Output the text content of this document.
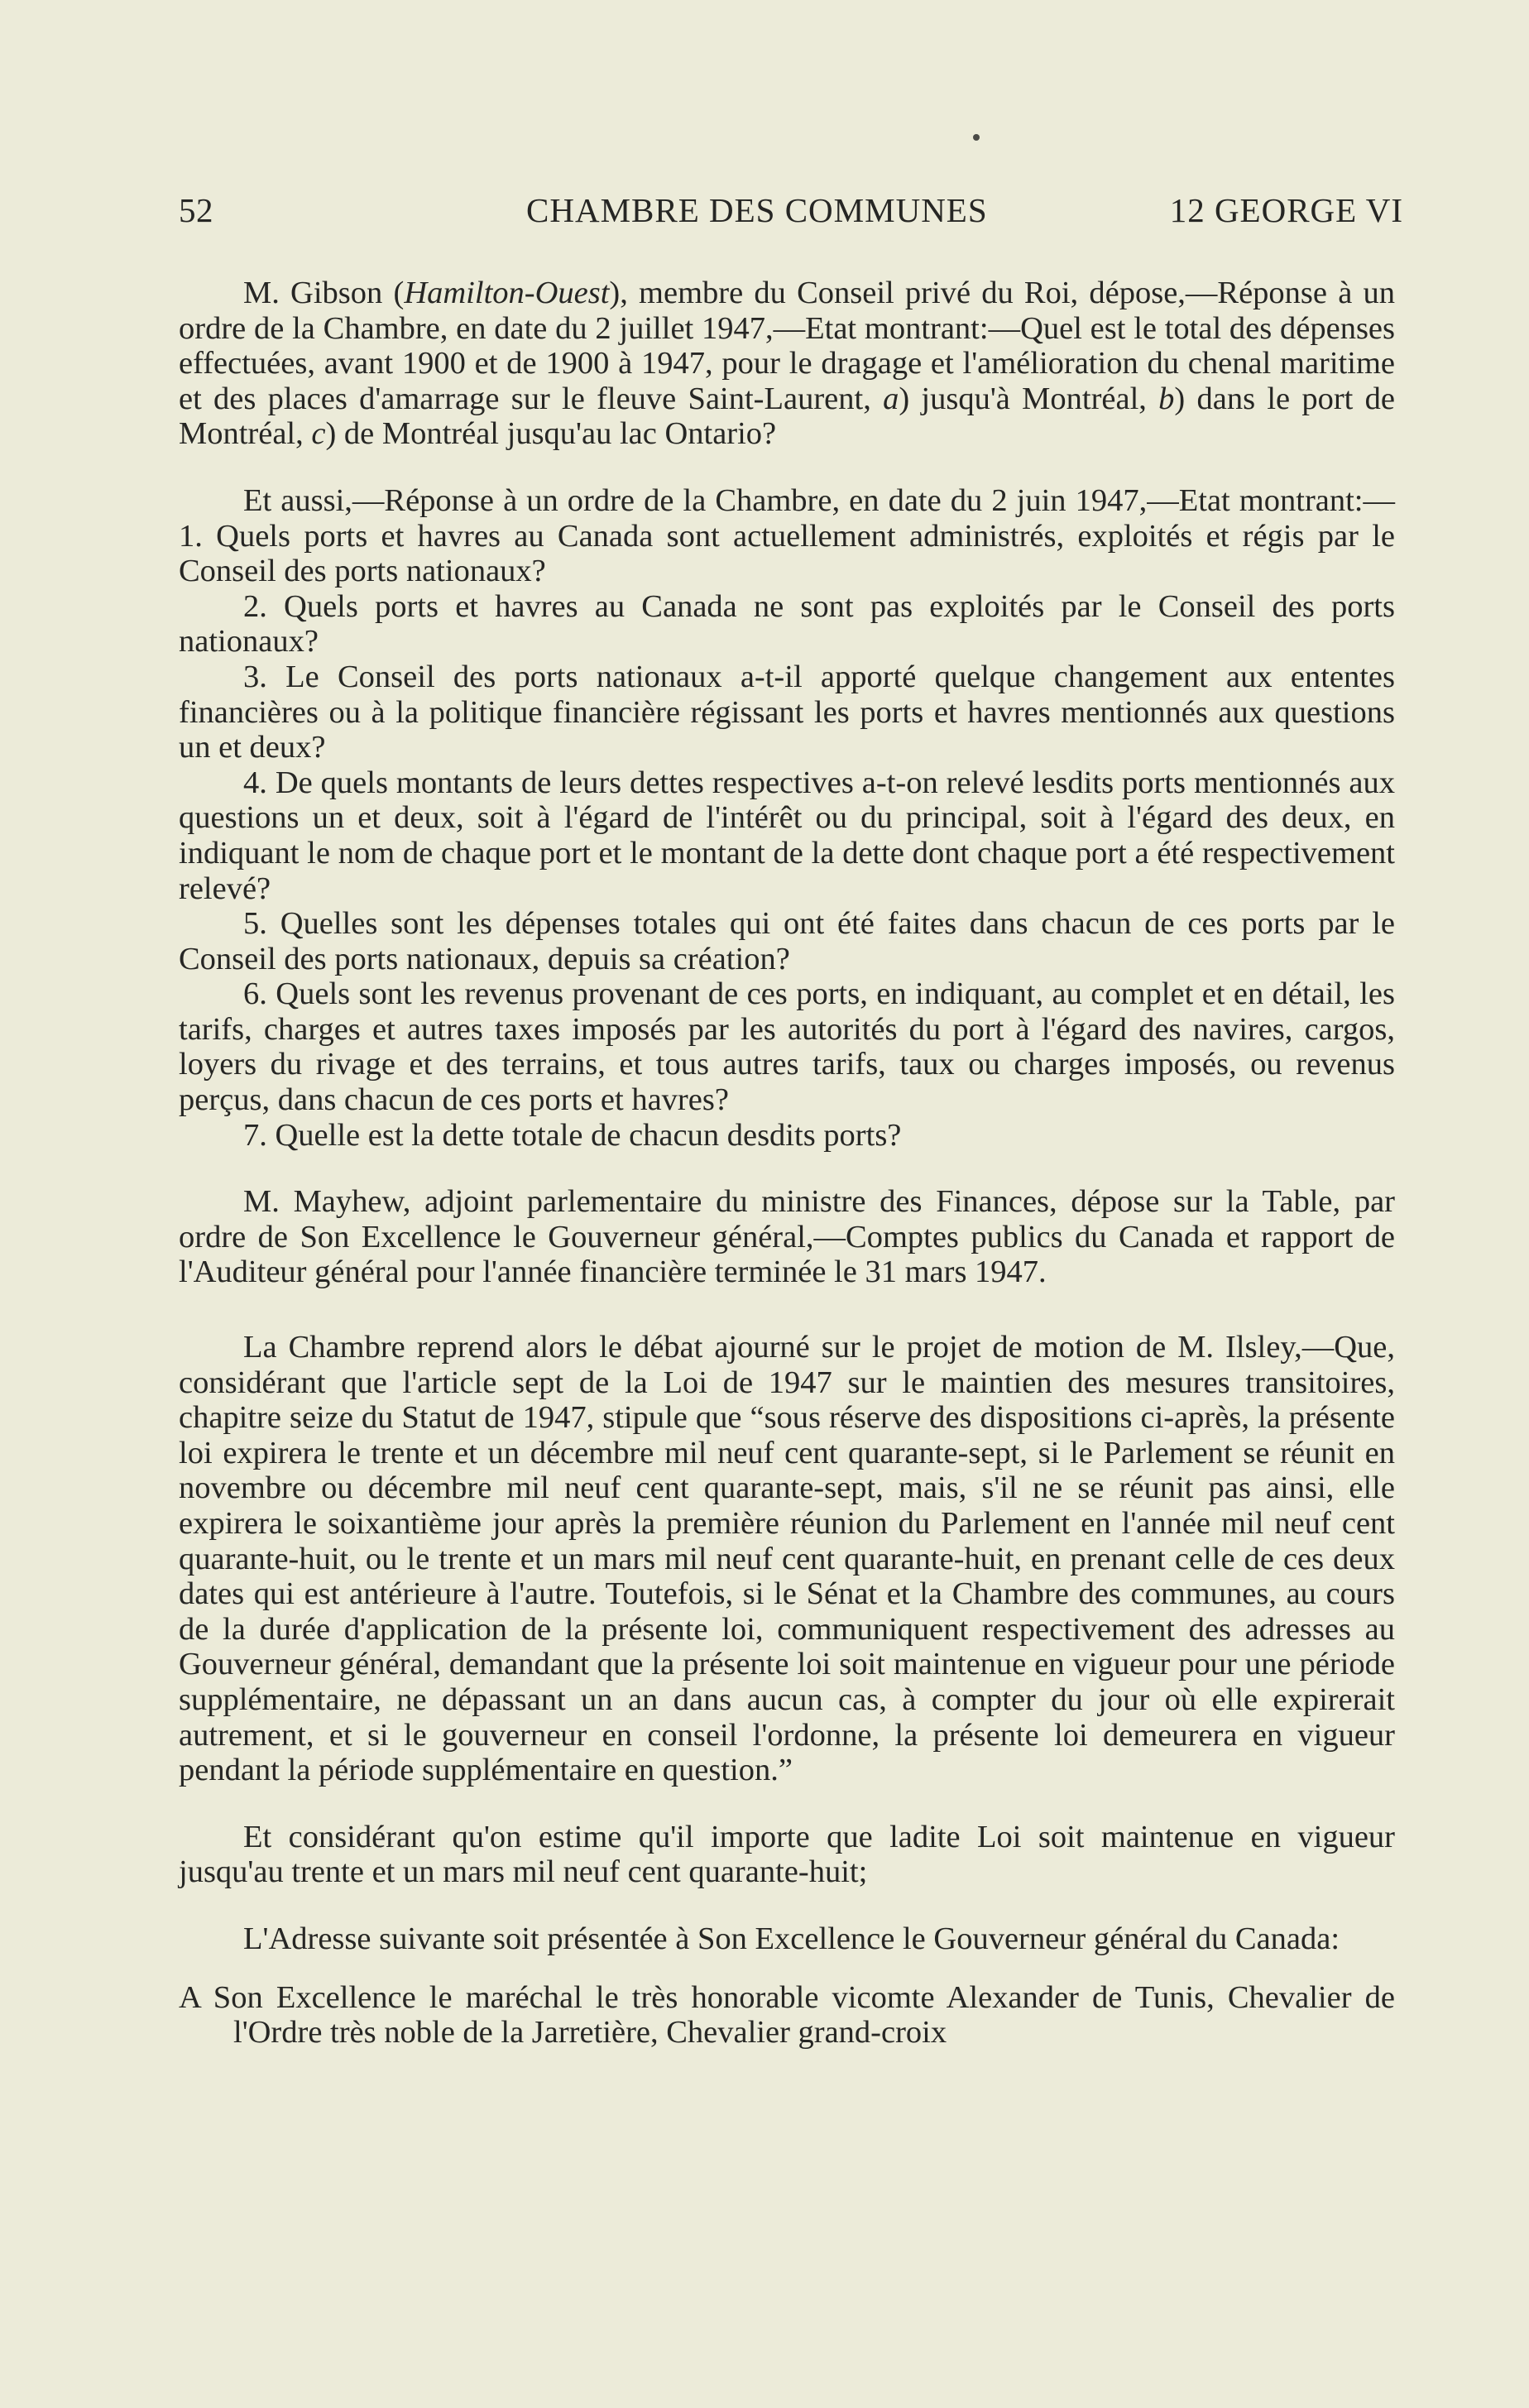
52	CHAMBRE DES COMMUNES	12 GEORGE VI

M. Gibson (Hamilton-Ouest), membre du Conseil privé du Roi, dépose,—Réponse à un ordre de la Chambre, en date du 2 juillet 1947,—Etat montrant:—Quel est le total des dépenses effectuées, avant 1900 et de 1900 à 1947, pour le dragage et l'amélioration du chenal maritime et des places d'amarrage sur le fleuve Saint-Laurent, a) jusqu'à Montréal, b) dans le port de Montréal, c) de Montréal jusqu'au lac Ontario?

Et aussi,—Réponse à un ordre de la Chambre, en date du 2 juin 1947,—Etat montrant:—1. Quels ports et havres au Canada sont actuellement administrés, exploités et régis par le Conseil des ports nationaux?

2. Quels ports et havres au Canada ne sont pas exploités par le Conseil des ports nationaux?

3. Le Conseil des ports nationaux a-t-il apporté quelque changement aux ententes financières ou à la politique financière régissant les ports et havres mentionnés aux questions un et deux?

4. De quels montants de leurs dettes respectives a-t-on relevé lesdits ports mentionnés aux questions un et deux, soit à l'égard de l'intérêt ou du principal, soit à l'égard des deux, en indiquant le nom de chaque port et le montant de la dette dont chaque port a été respectivement relevé?

5. Quelles sont les dépenses totales qui ont été faites dans chacun de ces ports par le Conseil des ports nationaux, depuis sa création?

6. Quels sont les revenus provenant de ces ports, en indiquant, au complet et en détail, les tarifs, charges et autres taxes imposés par les autorités du port à l'égard des navires, cargos, loyers du rivage et des terrains, et tous autres tarifs, taux ou charges imposés, ou revenus perçus, dans chacun de ces ports et havres?

7. Quelle est la dette totale de chacun desdits ports?

M. Mayhew, adjoint parlementaire du ministre des Finances, dépose sur la Table, par ordre de Son Excellence le Gouverneur général,—Comptes publics du Canada et rapport de l'Auditeur général pour l'année financière terminée le 31 mars 1947.

La Chambre reprend alors le débat ajourné sur le projet de motion de M. Ilsley,—Que, considérant que l'article sept de la Loi de 1947 sur le maintien des mesures transitoires, chapitre seize du Statut de 1947, stipule que “sous réserve des dispositions ci-après, la présente loi expirera le trente et un décembre mil neuf cent quarante-sept, si le Parlement se réunit en novembre ou décembre mil neuf cent quarante-sept, mais, s'il ne se réunit pas ainsi, elle expirera le soixantième jour après la première réunion du Parlement en l'année mil neuf cent quarante-huit, ou le trente et un mars mil neuf cent quarante-huit, en prenant celle de ces deux dates qui est antérieure à l'autre. Toutefois, si le Sénat et la Chambre des communes, au cours de la durée d'application de la présente loi, communiquent respectivement des adresses au Gouverneur général, demandant que la présente loi soit maintenue en vigueur pour une période supplémentaire, ne dépassant un an dans aucun cas, à compter du jour où elle expirerait autrement, et si le gouverneur en conseil l'ordonne, la présente loi demeurera en vigueur pendant la période supplémentaire en question.”

Et considérant qu'on estime qu'il importe que ladite Loi soit maintenue en vigueur jusqu'au trente et un mars mil neuf cent quarante-huit;

L'Adresse suivante soit présentée à Son Excellence le Gouverneur général du Canada:

A Son Excellence le maréchal le très honorable vicomte Alexander de Tunis, Chevalier de l'Ordre très noble de la Jarretière, Chevalier grand-croix
